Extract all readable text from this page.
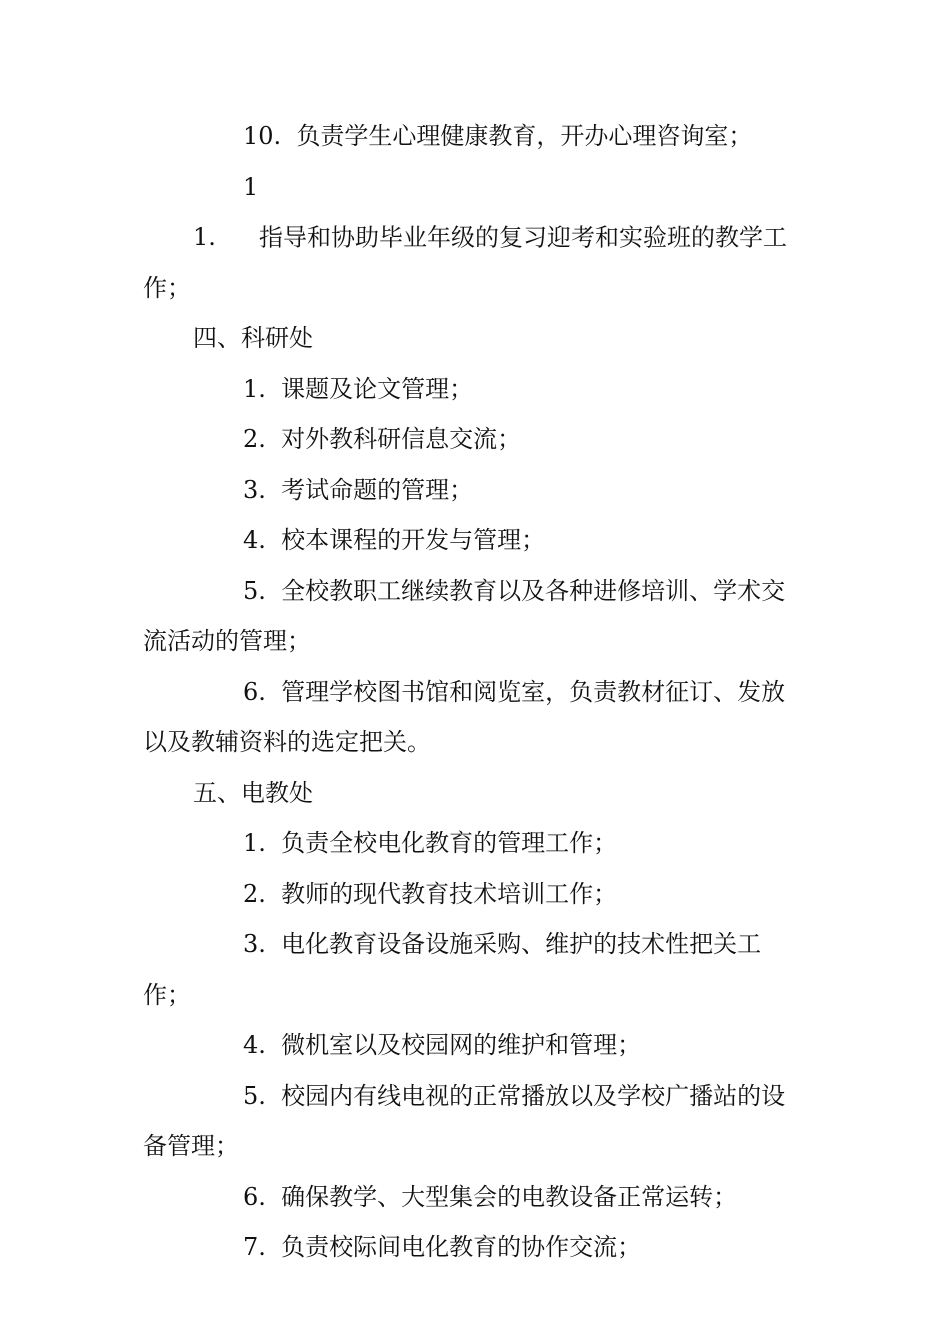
10. 负责学生心理健康教育，开办心理咨询室；

11. 指导和协助毕业年级的复习迎考和实验班的教学工作；

四、科研处

1. 课题及论文管理；

2. 对外教科研信息交流；

3. 考试命题的管理；

4. 校本课程的开发与管理；

5. 全校教职工继续教育以及各种进修培训、学术交流活动的管理；

6. 管理学校图书馆和阅览室，负责教材征订、发放以及教辅资料的选定把关。

五、电教处

1. 负责全校电化教育的管理工作；

2. 教师的现代教育技术培训工作；

3. 电化教育设备设施采购、维护的技术性把关工作；

4. 微机室以及校园网的维护和管理；

5. 校园内有线电视的正常播放以及学校广播站的设备管理；

6. 确保教学、大型集会的电教设备正常运转；

7. 负责校际间电化教育的协作交流；
